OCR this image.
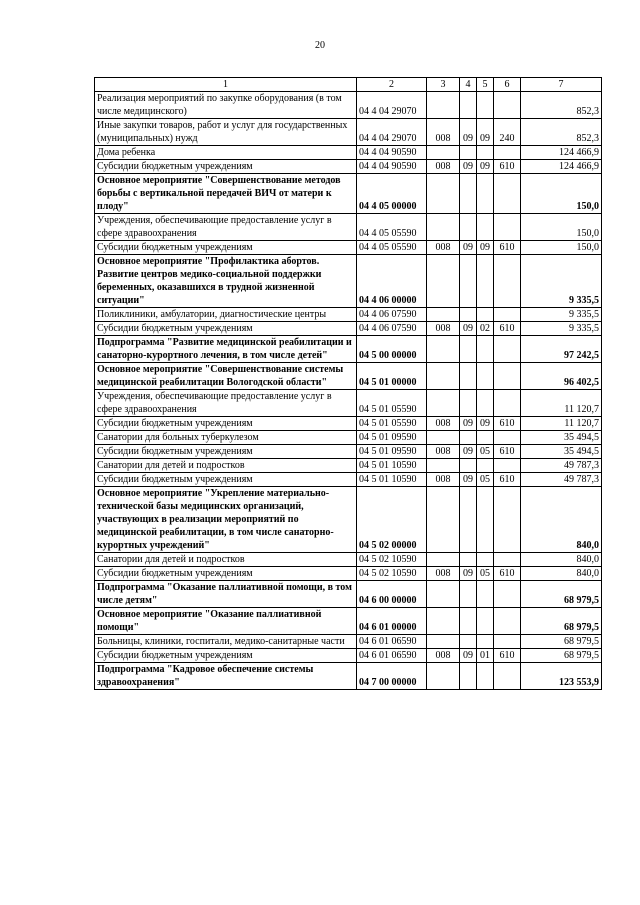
20
1	2	3	4	5	6	7
Реализация мероприятий по закупке оборудования (в том числе медицинского)	04 4 04 29070					852,3
Иные закупки товаров, работ и услуг для государственных (муниципальных) нужд	04 4 04 29070	008	09	09	240	852,3
Дома ребенка	04 4 04 90590					124 466,9
Субсидии бюджетным учреждениям	04 4 04 90590	008	09	09	610	124 466,9
Основное мероприятие "Совершенствование методов борьбы с вертикальной передачей ВИЧ от матери к плоду"	04 4 05 00000					150,0
Учреждения, обеспечивающие предоставление услуг в сфере здравоохранения	04 4 05 05590					150,0
Субсидии бюджетным учреждениям	04 4 05 05590	008	09	09	610	150,0
Основное мероприятие "Профилактика абортов. Развитие центров медико-социальной поддержки беременных, оказавшихся в трудной жизненной ситуации"	04 4 06 00000					9 335,5
Поликлиники, амбулатории, диагностические центры	04 4 06 07590					9 335,5
Субсидии бюджетным учреждениям	04 4 06 07590	008	09	02	610	9 335,5
Подпрограмма "Развитие медицинской реабилитации и санаторно-курортного лечения, в том числе детей"	04 5 00 00000					97 242,5
Основное мероприятие "Совершенствование системы медицинской реабилитации Вологодской области"	04 5 01 00000					96 402,5
Учреждения, обеспечивающие предоставление услуг в сфере здравоохранения	04 5 01 05590					11 120,7
Субсидии бюджетным учреждениям	04 5 01 05590	008	09	09	610	11 120,7
Санатории для больных туберкулезом	04 5 01 09590					35 494,5
Субсидии бюджетным учреждениям	04 5 01 09590	008	09	05	610	35 494,5
Санатории для детей и подростков	04 5 01 10590					49 787,3
Субсидии бюджетным учреждениям	04 5 01 10590	008	09	05	610	49 787,3
Основное мероприятие "Укрепление материально-технической базы медицинских организаций, участвующих в реализации мероприятий по медицинской реабилитации, в том числе санаторно-курортных учреждений"	04 5 02 00000					840,0
Санатории для детей и подростков	04 5 02 10590					840,0
Субсидии бюджетным учреждениям	04 5 02 10590	008	09	05	610	840,0
Подпрограмма "Оказание паллиативной помощи, в том числе детям"	04 6 00 00000					68 979,5
Основное мероприятие "Оказание паллиативной помощи"	04 6 01 00000					68 979,5
Больницы, клиники, госпитали, медико-санитарные части	04 6 01 06590					68 979,5
Субсидии бюджетным учреждениям	04 6 01 06590	008	09	01	610	68 979,5
Подпрограмма "Кадровое обеспечение системы здравоохранения"	04 7 00 00000					123 553,9
